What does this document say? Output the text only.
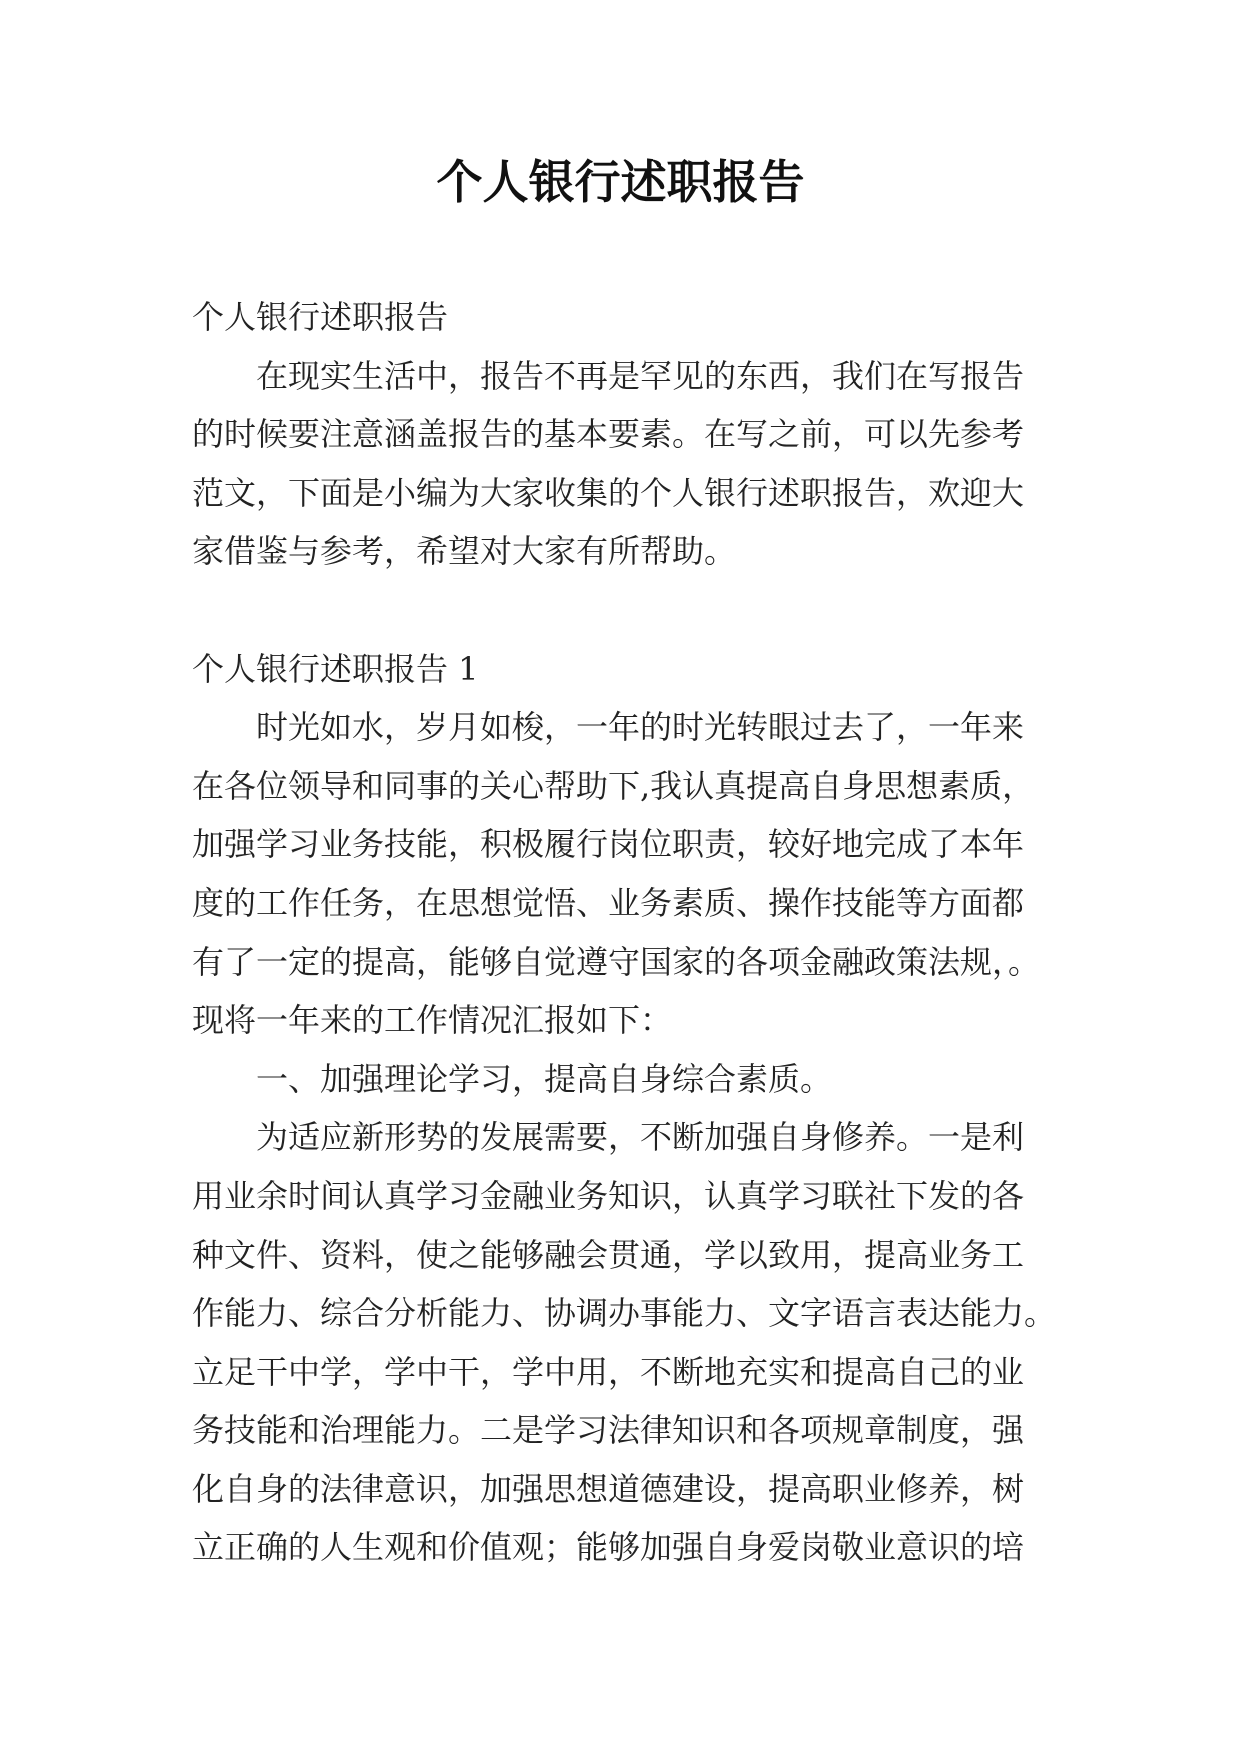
个人银行述职报告
个人银行述职报告
在现实生活中，报告不再是罕见的东西，我们在写报告
的时候要注意涵盖报告的基本要素。在写之前，可以先参考
范文，下面是小编为大家收集的个人银行述职报告，欢迎大
家借鉴与参考，希望对大家有所帮助。
个人银行述职报告 1
时光如水，岁月如梭，一年的时光转眼过去了，一年来
在各位领导和同事的关心帮助下,我认真提高自身思想素质，
加强学习业务技能，积极履行岗位职责，较好地完成了本年
度的工作任务，在思想觉悟、业务素质、操作技能等方面都
有了一定的提高，能够自觉遵守国家的各项金融政策法规，。
现将一年来的工作情况汇报如下：
一、加强理论学习，提高自身综合素质。
为适应新形势的发展需要，不断加强自身修养。一是利
用业余时间认真学习金融业务知识，认真学习联社下发的各
种文件、资料，使之能够融会贯通，学以致用，提高业务工
作能力、综合分析能力、协调办事能力、文字语言表达能力。
立足干中学，学中干，学中用，不断地充实和提高自己的业
务技能和治理能力。二是学习法律知识和各项规章制度，强
化自身的法律意识，加强思想道德建设，提高职业修养，树
立正确的人生观和价值观；能够加强自身爱岗敬业意识的培
